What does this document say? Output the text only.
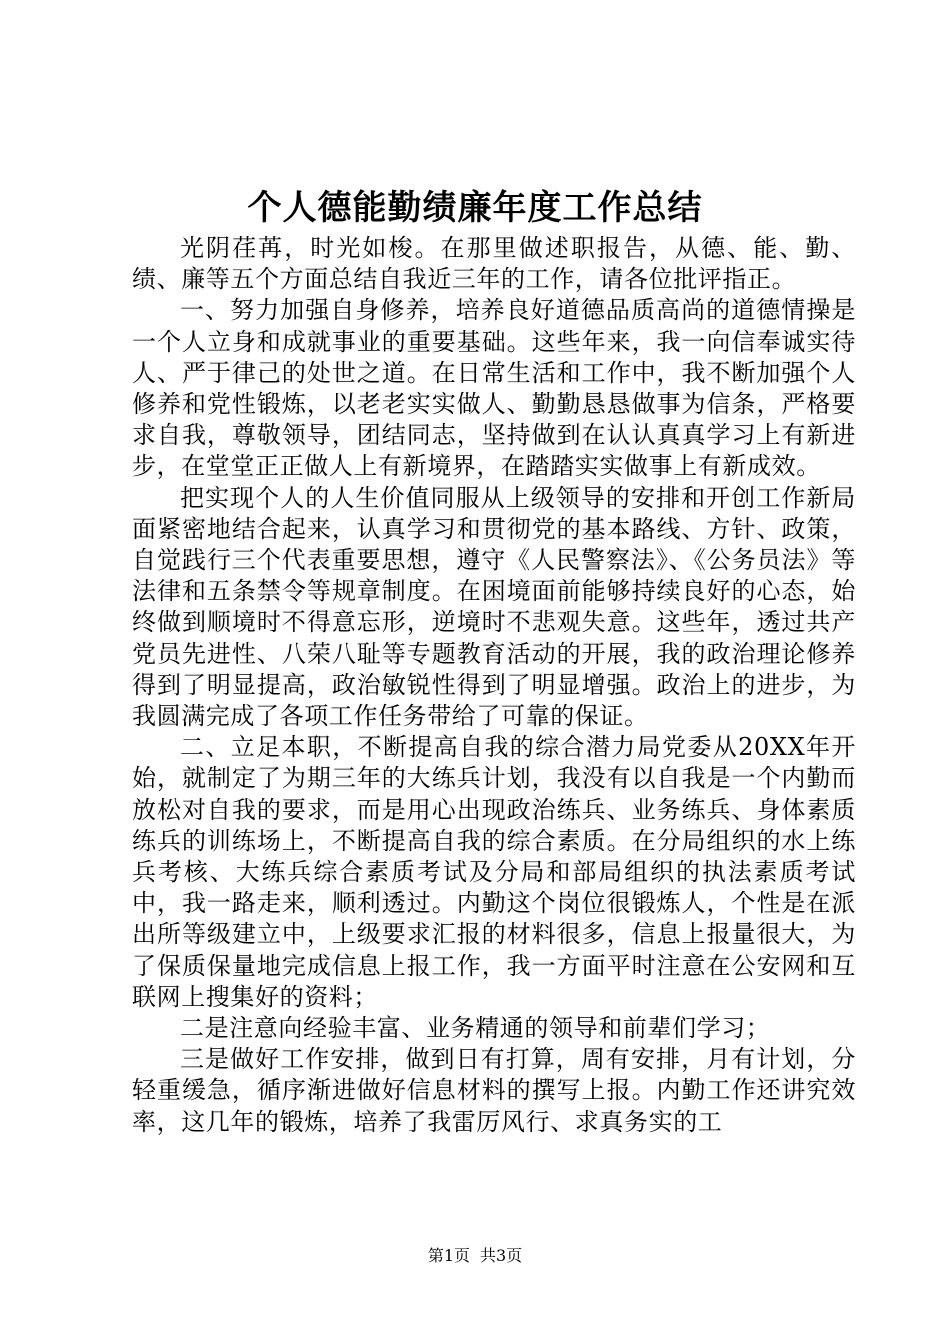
个人德能勤绩廉年度工作总结

光阴荏苒，时光如梭。在那里做述职报告，从德、能、勤、绩、廉等五个方面总结自我近三年的工作，请各位批评指正。

一、努力加强自身修养，培养良好道德品质高尚的道德情操是一个人立身和成就事业的重要基础。这些年来，我一向信奉诚实待人、严于律己的处世之道。在日常生活和工作中，我不断加强个人修养和党性锻炼，以老老实实做人、勤勤恳恳做事为信条，严格要求自我，尊敬领导，团结同志，坚持做到在认认真真学习上有新进步，在堂堂正正做人上有新境界，在踏踏实实做事上有新成效。

把实现个人的人生价值同服从上级领导的安排和开创工作新局面紧密地结合起来，认真学习和贯彻党的基本路线、方针、政策，自觉践行三个代表重要思想，遵守《人民警察法》、《公务员法》等法律和五条禁令等规章制度。在困境面前能够持续良好的心态，始终做到顺境时不得意忘形，逆境时不悲观失意。这些年，透过共产党员先进性、八荣八耻等专题教育活动的开展，我的政治理论修养得到了明显提高，政治敏锐性得到了明显增强。政治上的进步，为我圆满完成了各项工作任务带给了可靠的保证。

二、立足本职，不断提高自我的综合潜力局党委从20XX年开始，就制定了为期三年的大练兵计划，我没有以自我是一个内勤而放松对自我的要求，而是用心出现政治练兵、业务练兵、身体素质练兵的训练场上，不断提高自我的综合素质。在分局组织的水上练兵考核、大练兵综合素质考试及分局和部局组织的执法素质考试中，我一路走来，顺利透过。内勤这个岗位很锻炼人，个性是在派出所等级建立中，上级要求汇报的材料很多，信息上报量很大，为了保质保量地完成信息上报工作，我一方面平时注意在公安网和互联网上搜集好的资料；

二是注意向经验丰富、业务精通的领导和前辈们学习；

三是做好工作安排，做到日有打算，周有安排，月有计划，分轻重缓急，循序渐进做好信息材料的撰写上报。内勤工作还讲究效率，这几年的锻炼，培养了我雷厉风行、求真务实的工

第1页 共3页
